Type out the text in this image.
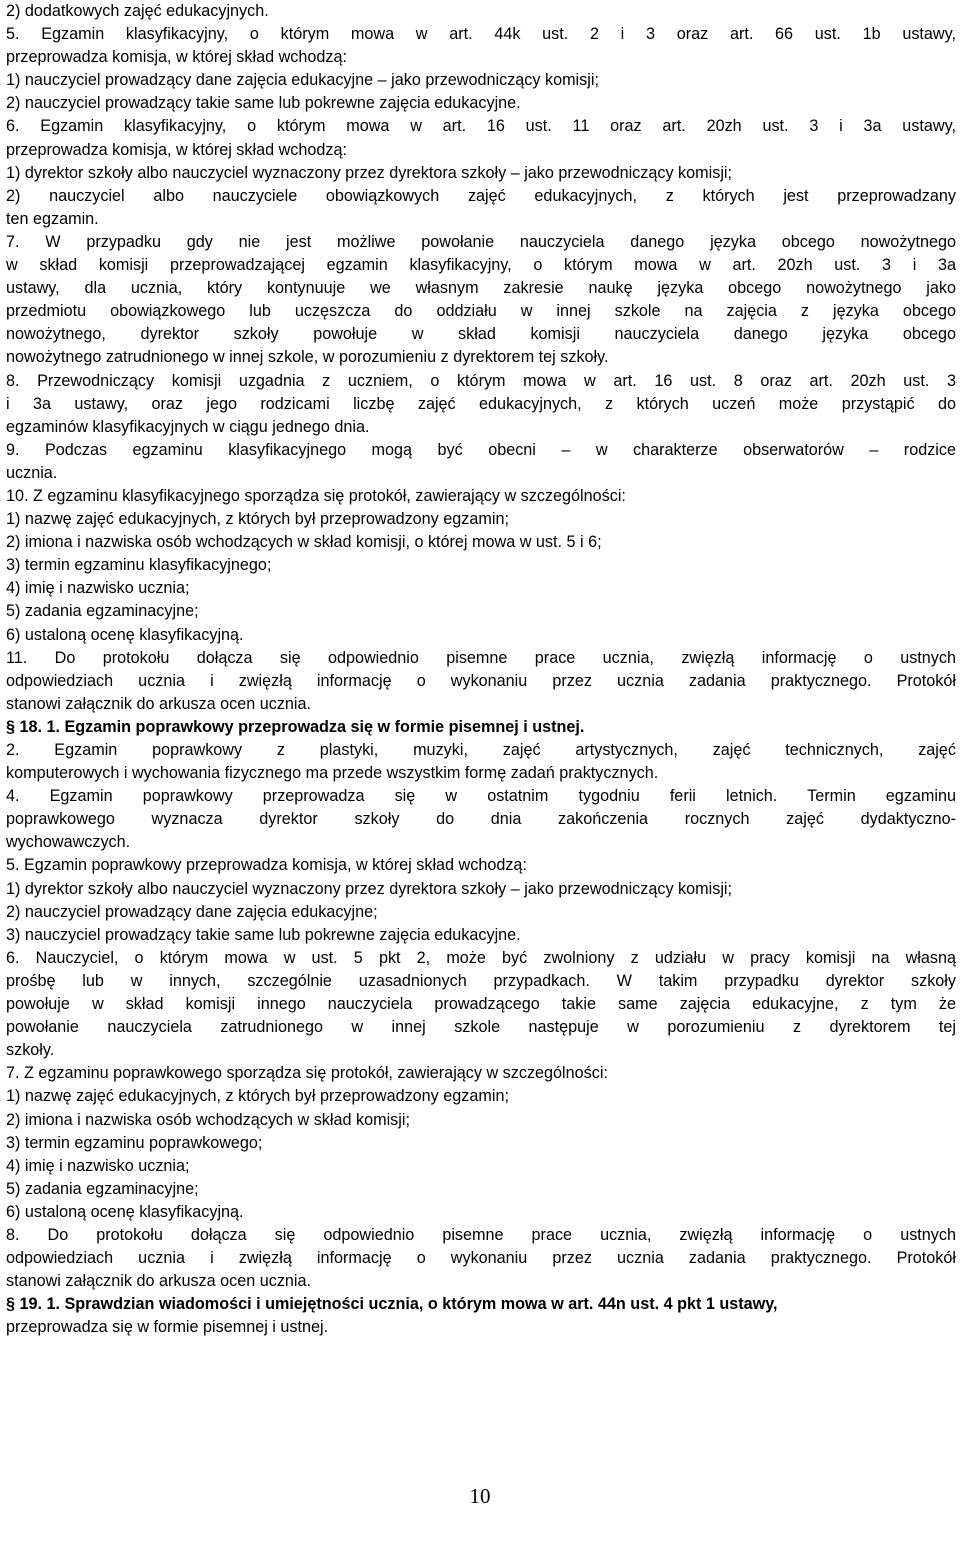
2) dodatkowych zajęć edukacyjnych.
5. Egzamin klasyfikacyjny, o którym mowa w art. 44k ust. 2 i 3 oraz art. 66 ust. 1b ustawy,
przeprowadza komisja, w której skład wchodzą:
1) nauczyciel prowadzący dane zajęcia edukacyjne – jako przewodniczący komisji;
2) nauczyciel prowadzący takie same lub pokrewne zajęcia edukacyjne.
6. Egzamin klasyfikacyjny, o którym mowa w art. 16 ust. 11 oraz art. 20zh ust. 3 i 3a ustawy,
przeprowadza komisja, w której skład wchodzą:
1) dyrektor szkoły albo nauczyciel wyznaczony przez dyrektora szkoły – jako przewodniczący komisji;
2) nauczyciel albo nauczyciele obowiązkowych zajęć edukacyjnych, z których jest przeprowadzany
ten egzamin.
7. W przypadku gdy nie jest możliwe powołanie nauczyciela danego języka obcego nowożytnego
w skład komisji przeprowadzającej egzamin klasyfikacyjny, o którym mowa w art. 20zh ust. 3 i 3a
ustawy, dla ucznia, który kontynuuje we własnym zakresie naukę języka obcego nowożytnego jako
przedmiotu obowiązkowego lub uczęszcza do oddziału w innej szkole na zajęcia z języka obcego
nowożytnego, dyrektor szkoły powołuje w skład komisji nauczyciela danego języka obcego
nowożytnego zatrudnionego w innej szkole, w porozumieniu z dyrektorem tej szkoły.
8. Przewodniczący komisji uzgadnia z uczniem, o którym mowa w art. 16 ust. 8 oraz art. 20zh ust. 3
i 3a ustawy, oraz jego rodzicami liczbę zajęć edukacyjnych, z których uczeń może przystąpić do
egzaminów klasyfikacyjnych w ciągu jednego dnia.
9. Podczas egzaminu klasyfikacyjnego mogą być obecni – w charakterze obserwatorów – rodzice
ucznia.
10. Z egzaminu klasyfikacyjnego sporządza się protokół, zawierający w szczególności:
1) nazwę zajęć edukacyjnych, z których był przeprowadzony egzamin;
2) imiona i nazwiska osób wchodzących w skład komisji, o której mowa w ust. 5 i 6;
3) termin egzaminu klasyfikacyjnego;
4) imię i nazwisko ucznia;
5) zadania egzaminacyjne;
6) ustaloną ocenę klasyfikacyjną.
11. Do protokołu dołącza się odpowiednio pisemne prace ucznia, zwięzłą informację o ustnych
odpowiedziach ucznia i zwięzłą informację o wykonaniu przez ucznia zadania praktycznego. Protokół
stanowi załącznik do arkusza ocen ucznia.
§ 18. 1. Egzamin poprawkowy przeprowadza się w formie pisemnej i ustnej.
2. Egzamin poprawkowy z plastyki, muzyki, zajęć artystycznych, zajęć technicznych, zajęć
komputerowych i wychowania fizycznego ma przede wszystkim formę zadań praktycznych.
4. Egzamin poprawkowy przeprowadza się w ostatnim tygodniu ferii letnich. Termin egzaminu
poprawkowego wyznacza dyrektor szkoły do dnia zakończenia rocznych zajęć dydaktyczno-
wychowawczych.
5. Egzamin poprawkowy przeprowadza komisja, w której skład wchodzą:
1) dyrektor szkoły albo nauczyciel wyznaczony przez dyrektora szkoły – jako przewodniczący komisji;
2) nauczyciel prowadzący dane zajęcia edukacyjne;
3) nauczyciel prowadzący takie same lub pokrewne zajęcia edukacyjne.
6. Nauczyciel, o którym mowa w ust. 5 pkt 2, może być zwolniony z udziału w pracy komisji na własną
prośbę lub w innych, szczególnie uzasadnionych przypadkach. W takim przypadku dyrektor szkoły
powołuje w skład komisji innego nauczyciela prowadzącego takie same zajęcia edukacyjne, z tym że
powołanie nauczyciela zatrudnionego w innej szkole następuje w porozumieniu z dyrektorem tej
szkoły.
7. Z egzaminu poprawkowego sporządza się protokół, zawierający w szczególności:
1) nazwę zajęć edukacyjnych, z których był przeprowadzony egzamin;
2) imiona i nazwiska osób wchodzących w skład komisji;
3) termin egzaminu poprawkowego;
4) imię i nazwisko ucznia;
5) zadania egzaminacyjne;
6) ustaloną ocenę klasyfikacyjną.
8. Do protokołu dołącza się odpowiednio pisemne prace ucznia, zwięzłą informację o ustnych
odpowiedziach ucznia i zwięzłą informację o wykonaniu przez ucznia zadania praktycznego. Protokół
stanowi załącznik do arkusza ocen ucznia.
§ 19. 1. Sprawdzian wiadomości i umiejętności ucznia, o którym mowa w art. 44n ust. 4 pkt 1 ustawy,
przeprowadza się w formie pisemnej i ustnej.
10
